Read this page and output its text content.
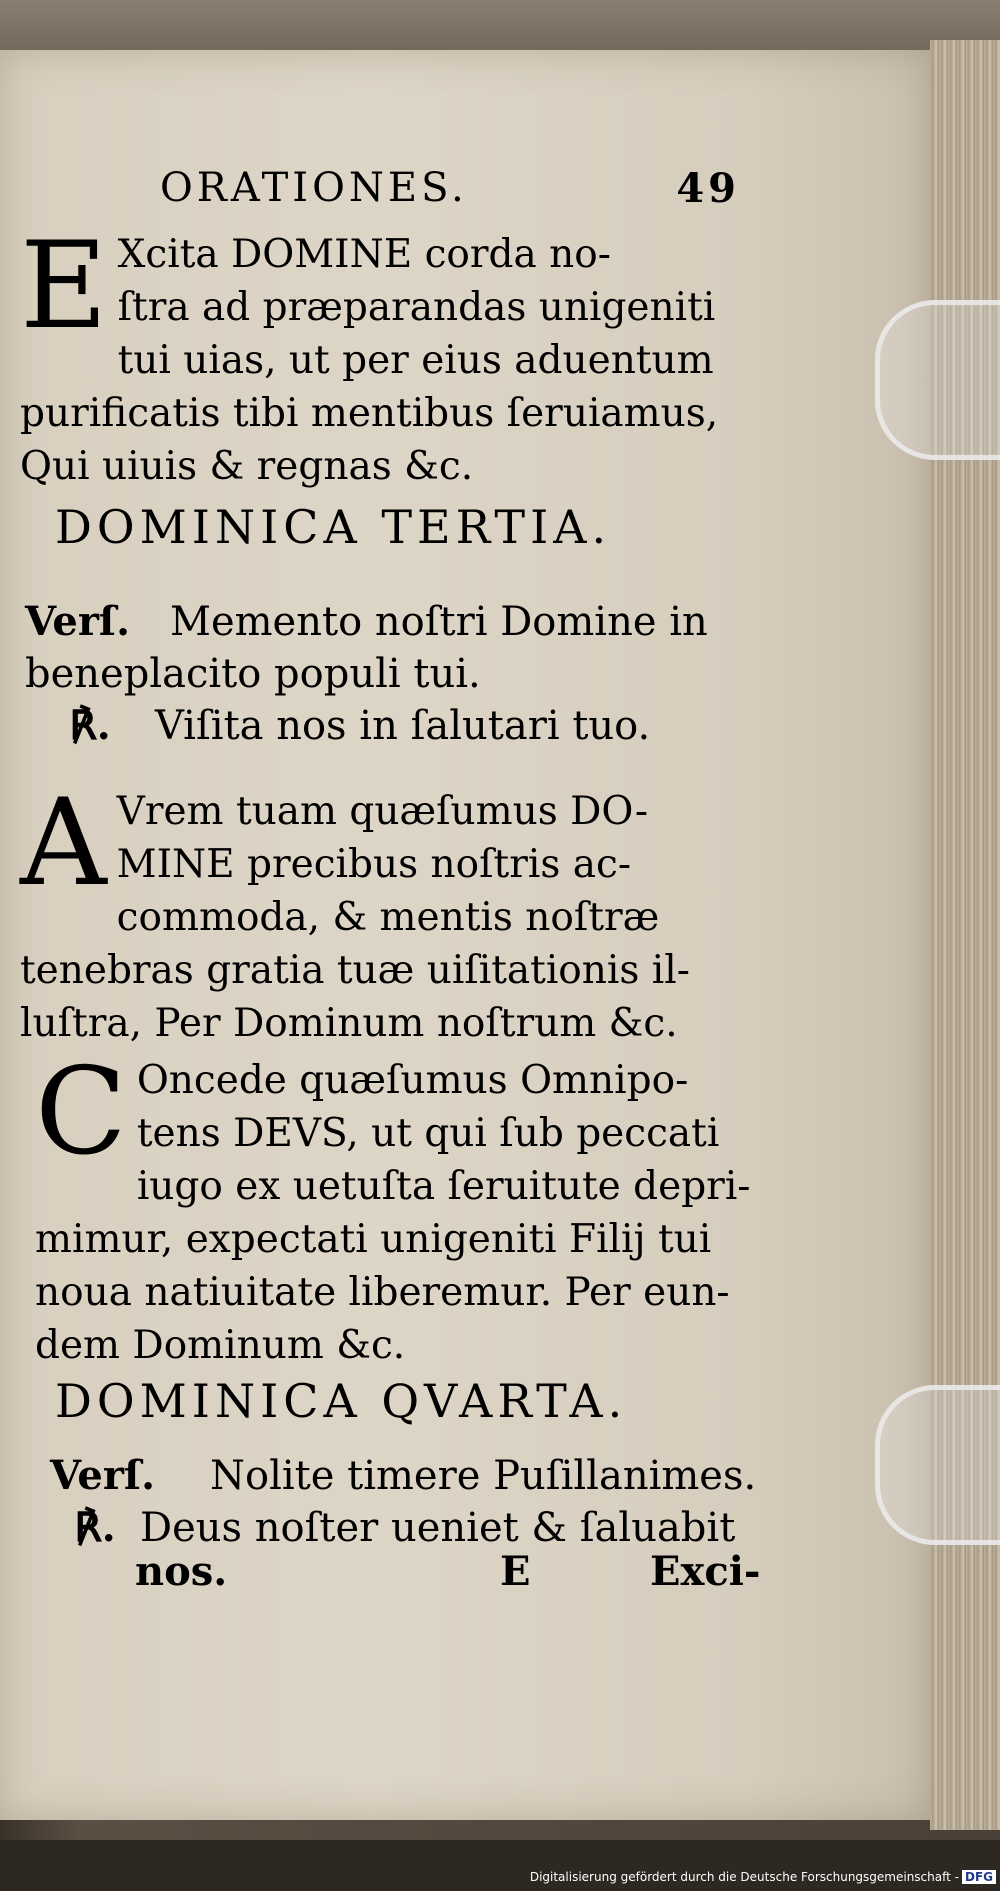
ORATIONES.	49
E Xcita DOMINE corda no-
ſtra ad præparandas unigeniti
tui uias, ut per eius aduentum
purificatis tibi mentibus ſeruiamus,
Qui uiuis & regnas &c.
DOMINICA TERTIA.
Verſ. Memento noſtri Domine in
beneplacito populi tui.
℟. Viſita nos in ſalutari tuo.
A Vrem tuam quæſumus DO-
MINE precibus noſtris ac-
commoda, & mentis noſtræ
tenebras gratia tuæ uiſitationis il-
luſtra, Per Dominum noſtrum &c.
C Oncede quæſumus Omnipo-
tens DEVS, ut qui ſub peccati
iugo ex uetuſta ſeruitute depri-
mimur, expectati unigeniti Filij tui
noua natiuitate liberemur. Per eun-
dem Dominum &c.
DOMINICA QVARTA.
Verſ. Nolite timere Puſillanimes.
℟. Deus noſter ueniet & ſaluabit
nos.	E	Exci-
Digitalisierung gefördert durch die Deutsche Forschungsgemeinschaft - DFG
